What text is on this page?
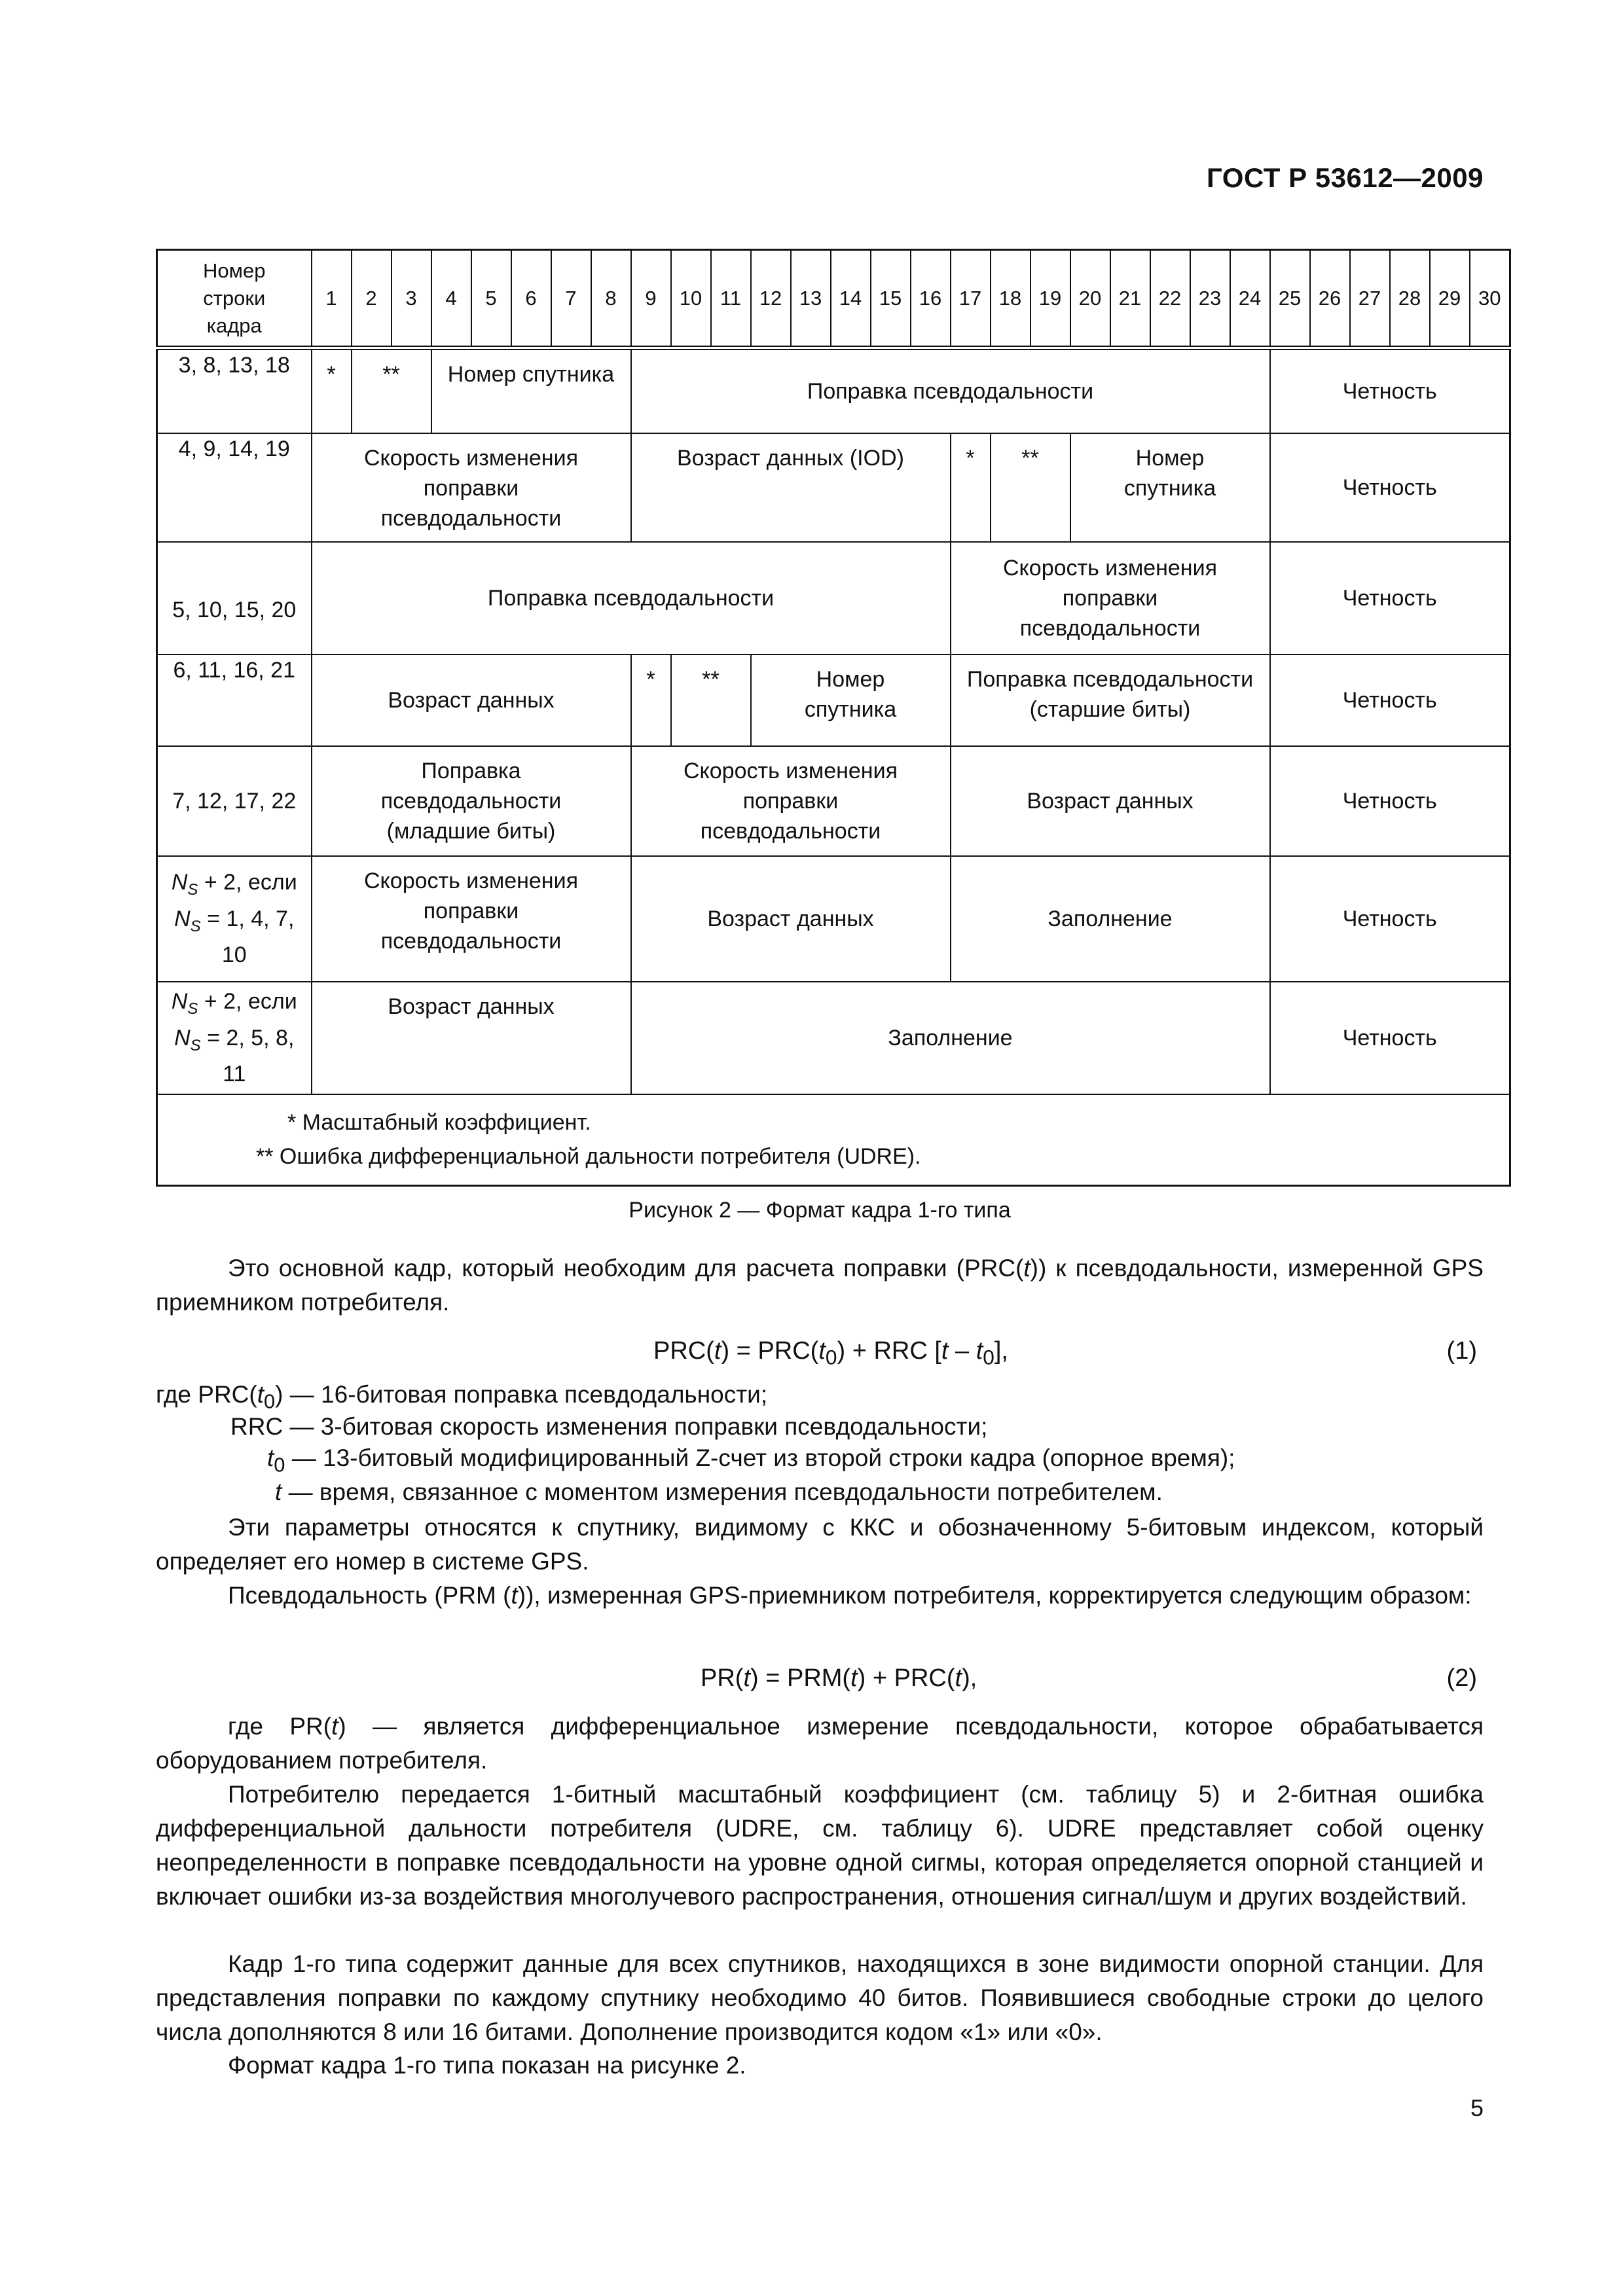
ГОСТ Р 53612—2009
Номер строки кадра	1	2	3	4	5	6	7	8	9	10	11	12	13	14	15	16	17	18	19	20	21	22	23	24	25	26	27	28	29	30
3, 8, 13, 18	*	**		Номер спутника					Поправка псевдодальности																Четность					
4, 9, 14, 19	Скорость изменения поправки псевдодальности								Возраст данных (IOD)								*	**		Номер спутника					Четность					
5, 10, 15, 20	Поправка псевдодальности																Скорость изменения поправки псевдодальности								Четность					
6, 11, 16, 21	Возраст данных								*	**		Номер спутника					Поправка псевдодальности (старшие биты)								Четность					
7, 12, 17, 22	Поправка псевдодальности (младшие биты)								Скорость изменения поправки псевдодальности								Возраст данных								Четность					

$N_S + 2$, если
$N_S = 1$, 4, 7,
10	Скорость изменения поправки псевдодальности								Возраст данных								Заполнение								Четность					

$N_S + 2$, если
$N_S = 2$, 5, 8,
11	Возраст данных								Заполнение																Четность					

* Масштабный коэффициент.
** Ошибка дифференциальной дальности потребителя (UDRE).																														
Рисунок 2 — Формат кадра 1-го типа

Это основной кадр, который необходим для расчета поправки (PRC(t)) к псевдодальности, измеренной GPS приемником потребителя.

$PRC(t) = PRC(t_0)$ + RRC $[t - t_0]$,	(1)
где $PRC(t_0)$ — 16-битовая поправка псевдодальности;
RRC — 3-битовая скорость изменения поправки псевдодальности;
$t_0$ — 13-битовый модифицированный Z-счет из второй строки кадра (опорное время);
t — время, связанное с моментом измерения псевдодальности потребителем.

Эти параметры относятся к спутнику, видимому с ККС и обозначенному 5-битовым индексом, который определяет его номер в системе GPS.

Псевдодальность (PRM (t)), измеренная GPS-приемником потребителя, корректируется следующим образом:

PR(t) = PRM(t) + PRC(t),	(2)

где PR(t) — является дифференциальное измерение псевдодальности, которое обрабатывается оборудованием потребителя.

Потребителю передается 1-битный масштабный коэффициент (см. таблицу 5) и 2-битная ошибка дифференциальной дальности потребителя (UDRE, см. таблицу 6). UDRE представляет собой оценку неопределенности в поправке псевдодальности на уровне одной сигмы, которая определяется опорной станцией и включает ошибки из-за воздействия многолучевого распространения, отношения сигнал/шум и других воздействий.

Кадр 1-го типа содержит данные для всех спутников, находящихся в зоне видимости опорной станции. Для представления поправки по каждому спутнику необходимо 40 битов. Появившиеся свободные строки до целого числа дополняются 8 или 16 битами. Дополнение производится кодом «1» или «0».

Формат кадра 1-го типа показан на рисунке 2.

5
